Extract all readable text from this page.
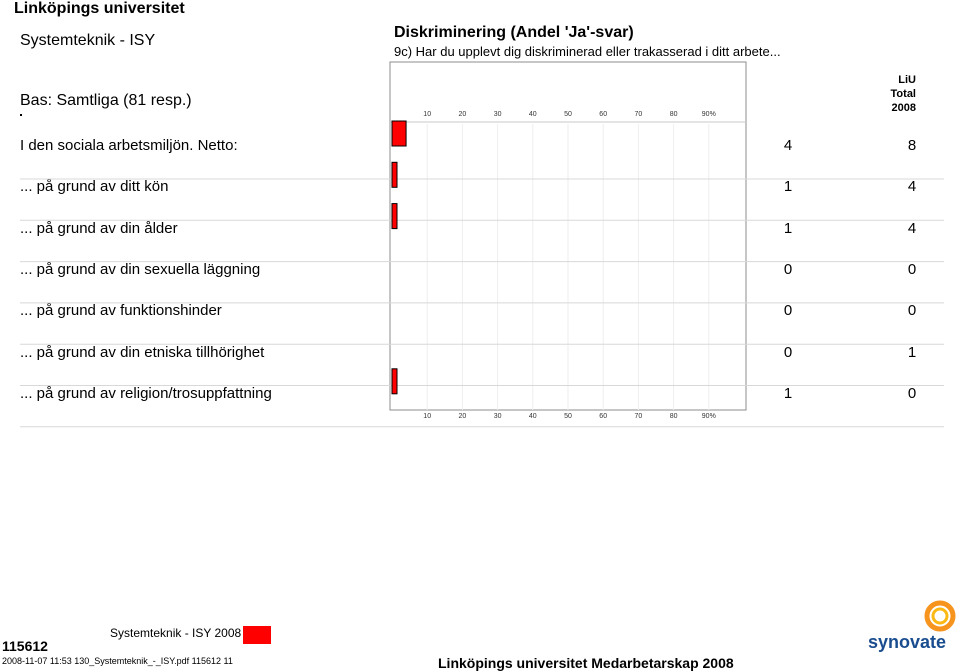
Linköpings universitet
Systemteknik - ISY
Bas: Samtliga (81 resp.)
Diskriminering (Andel 'Ja'-svar)
9c) Har du upplevt dig diskriminerad eller trakasserad i ditt arbete...
LiU
Total
2008
I den sociala arbetsmiljön. Netto:	4	8
... på grund av ditt kön	1	4
... på grund av din ålder	1	4
... på grund av din sexuella läggning	0	0
... på grund av funktionshinder	0	0
... på grund av din etniska tillhörighet	0	1
... på grund av religion/trosuppfattning	1	0
10
10
20
20
30
30
40
40
50
50
60
60
70
70
80
80
90%
90%
115612
Systemteknik - ISY 2008
2008-11-07 11:53 130_Systemteknik_-_ISY.pdf 115612 11	Linköpings universitet Medarbetarskap 2008
synovate
